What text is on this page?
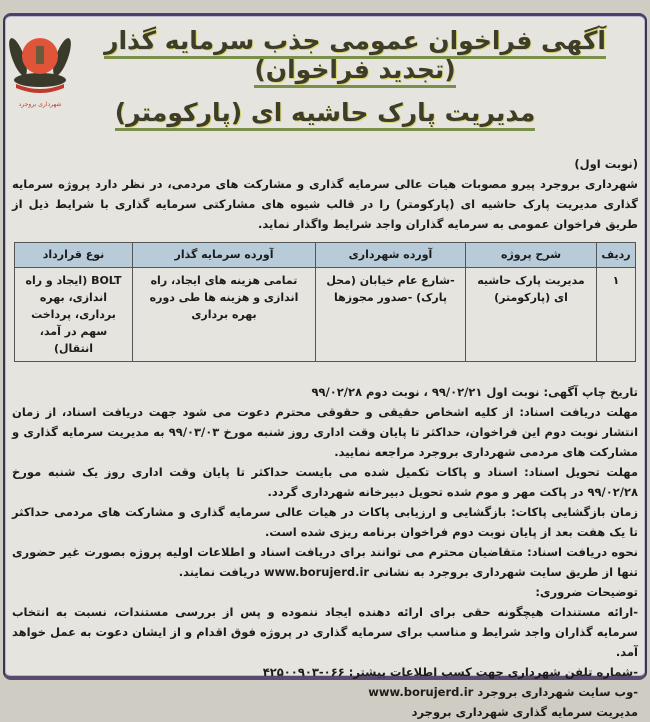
شهرداری بروجرد
آگهی فراخوان عمومی جذب سرمایه گذار (تجدید فراخوان)
مدیریت پارک حاشیه ای (پارکومتر)

(نوبت اول)

شهرداری بروجرد پیرو مصوبات هیات عالی سرمایه گذاری و مشارکت های مردمی، در نظر دارد پروژه سرمایه گذاری مدیریت پارک حاشیه ای (پارکومتر) را در قالب شیوه های مشارکتی سرمایه گذاری با شرایط ذیل از طریق فراخوان عمومی به سرمایه گذاران واجد شرایط واگذار نماید.

ردیف	شرح پروژه	آورده شهرداری	آورده سرمایه گذار	نوع قرارداد
۱	مدیریت پارک حاشیه ای (پارکومتر)	-شارع عام خیابان (محل پارک) -صدور مجوزها	تمامی هزینه های ایجاد، راه اندازی و هزینه ها طی دوره بهره برداری	BOLT (ایجاد و راه اندازی، بهره برداری، پرداخت سهم در آمد، انتقال)

تاریخ چاپ آگهی: نوبت اول ۹۹/۰۲/۲۱ ، نوبت دوم ۹۹/۰۲/۲۸

مهلت دریافت اسناد: از کلیه اشخاص حقیقی و حقوقی محترم دعوت می شود جهت دریافت اسناد، از زمان انتشار نوبت دوم این فراخوان، حداکثر تا پایان وقت اداری روز شنبه مورخ ۹۹/۰۳/۰۳ به مدیریت سرمایه گذاری و مشارکت های مردمی شهرداری بروجرد مراجعه نمایید.

مهلت تحویل اسناد: اسناد و پاکات تکمیل شده می بایست حداکثر تا پایان وقت اداری روز یک شنبه مورخ ۹۹/۰۲/۲۸ در پاکت مهر و موم شده تحویل دبیرخانه شهرداری گردد.

زمان بازگشایی پاکات: بازگشایی و ارزیابی پاکات در هیات عالی سرمایه گذاری و مشارکت های مردمی حداکثر تا یک هفت بعد از پایان نوبت دوم فراخوان برنامه ریزی شده است.

نحوه دریافت اسناد: متقاضیان محترم می توانند برای دریافت اسناد و اطلاعات اولیه پروژه بصورت غیر حضوری تنها از طریق سایت شهرداری بروجرد به نشانی www.borujerd.ir دریافت نمایند.

توضیحات ضروری:

-ارائه مستندات هیچگونه حقی برای ارائه دهنده ایجاد ننموده و پس از بررسی مستندات، نسبت به انتخاب سرمایه گذاران واجد شرایط و مناسب برای سرمایه گذاری در پروژه فوق اقدام و از ایشان دعوت به عمل خواهد آمد.

-شماره تلفن شهرداری جهت کسب اطلاعات بیشتر: ۰۶۶-۴۲۵۰۰۹۰۳

-وب سایت شهرداری بروجرد www.borujerd.ir

مدیریت سرمایه گذاری شهرداری بروجرد
